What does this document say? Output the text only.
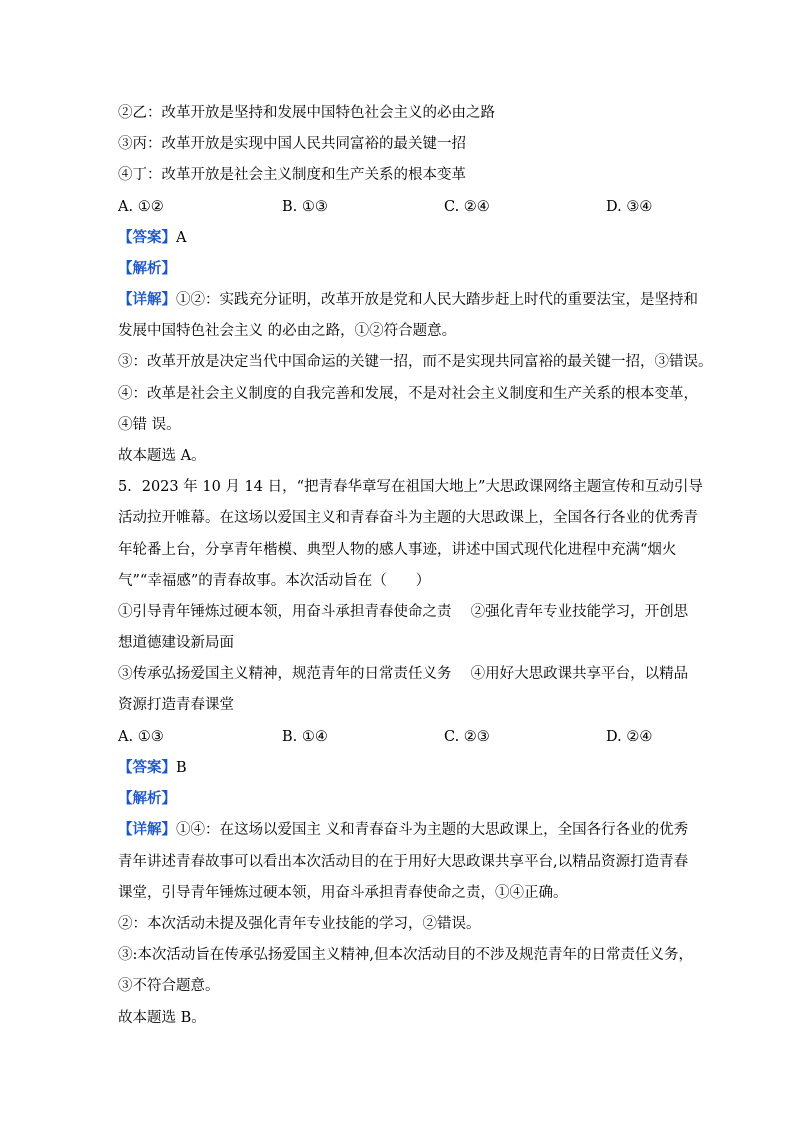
②乙：改革开放是坚持和发展中国特色社会主义的必由之路
③丙：改革开放是实现中国人民共同富裕的最关键一招
④丁：改革开放是社会主义制度和生产关系的根本变革
A. ①②	B. ①③	C. ②④	D. ③④
【答案】A
【解析】
【详解】①②：实践充分证明，改革开放是党和人民大踏步赶上时代的重要法宝，是坚持和
发展中国特色社会主义 的必由之路，①②符合题意。
③：改革开放是决定当代中国命运的关键一招，而不是实现共同富裕的最关键一招，③错误。
④：改革是社会主义制度的自我完善和发展，不是对社会主义制度和生产关系的根本变革，
④错 误。
故本题选 A。
5．2023 年 10 月 14 日，“把青春华章写在祖国大地上”大思政课网络主题宣传和互动引导
活动拉开帷幕。在这场以爱国主义和青春奋斗为主题的大思政课上，全国各行各业的优秀青
年轮番上台，分享青年楷模、典型人物的感人事迹，讲述中国式现代化进程中充满“烟火
气”“幸福感”的青春故事。本次活动旨在（　　）
①引导青年锤炼过硬本领，用奋斗承担青春使命之责　 ②强化青年专业技能学习，开创思
想道德建设新局面
③传承弘扬爱国主义精神，规范青年的日常责任义务　 ④用好大思政课共享平台，以精品
资源打造青春课堂
A. ①③	B. ①④	C. ②③	D. ②④
【答案】B
【解析】
【详解】①④：在这场以爱国主 义和青春奋斗为主题的大思政课上，全国各行各业的优秀
青年讲述青春故事可以看出本次活动目的在于用好大思政课共享平台,以精品资源打造青春
课堂，引导青年锤炼过硬本领，用奋斗承担青春使命之责，①④正确。
②：本次活动未提及强化青年专业技能的学习，②错误。
③:本次活动旨在传承弘扬爱国主义精神,但本次活动目的不涉及规范青年的日常责任义务，
③不符合题意。
故本题选 B。
